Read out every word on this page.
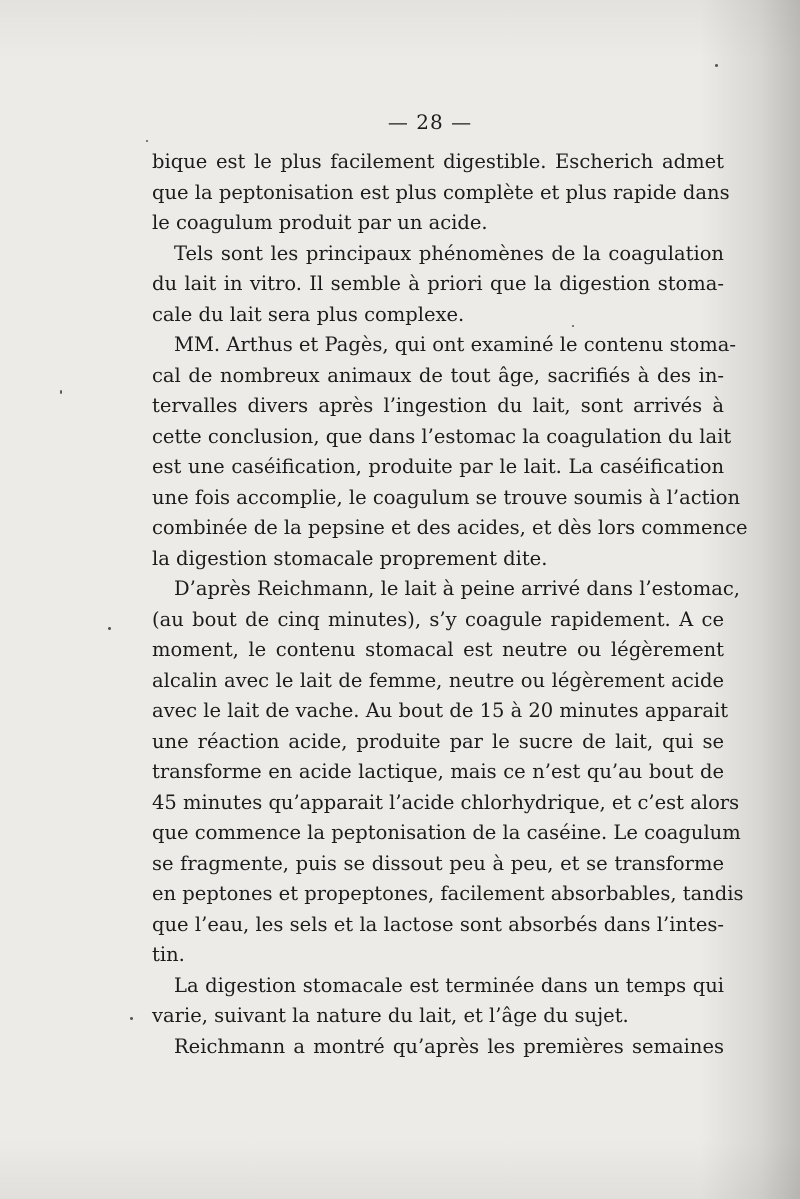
— 28 —
bique est le plus facilement digestible. Escherich admet
que la peptonisation est plus complète et plus rapide dans
le coagulum produit par un acide.
Tels sont les principaux phénomènes de la coagulation
du lait in vitro. Il semble à priori que la digestion stoma-
cale du lait sera plus complexe.
MM. Arthus et Pagès, qui ont examiné le contenu stoma-
cal de nombreux animaux de tout âge, sacrifiés à des in-
tervalles divers après l’ingestion du lait, sont arrivés à
cette conclusion, que dans l’estomac la coagulation du lait
est une caséification, produite par le lait. La caséification
une fois accomplie, le coagulum se trouve soumis à l’action
combinée de la pepsine et des acides, et dès lors commence
la digestion stomacale proprement dite.
D’après Reichmann, le lait à peine arrivé dans l’estomac,
(au bout de cinq minutes), s’y coagule rapidement. A ce
moment, le contenu stomacal est neutre ou légèrement
alcalin avec le lait de femme, neutre ou légèrement acide
avec le lait de vache. Au bout de 15 à 20 minutes apparait
une réaction acide, produite par le sucre de lait, qui se
transforme en acide lactique, mais ce n’est qu’au bout de
45 minutes qu’apparait l’acide chlorhydrique, et c’est alors
que commence la peptonisation de la caséine. Le coagulum
se fragmente, puis se dissout peu à peu, et se transforme
en peptones et propeptones, facilement absorbables, tandis
que l’eau, les sels et la lactose sont absorbés dans l’intes-
tin.
La digestion stomacale est terminée dans un temps qui
varie, suivant la nature du lait, et l’âge du sujet.
Reichmann a montré qu’après les premières semaines
